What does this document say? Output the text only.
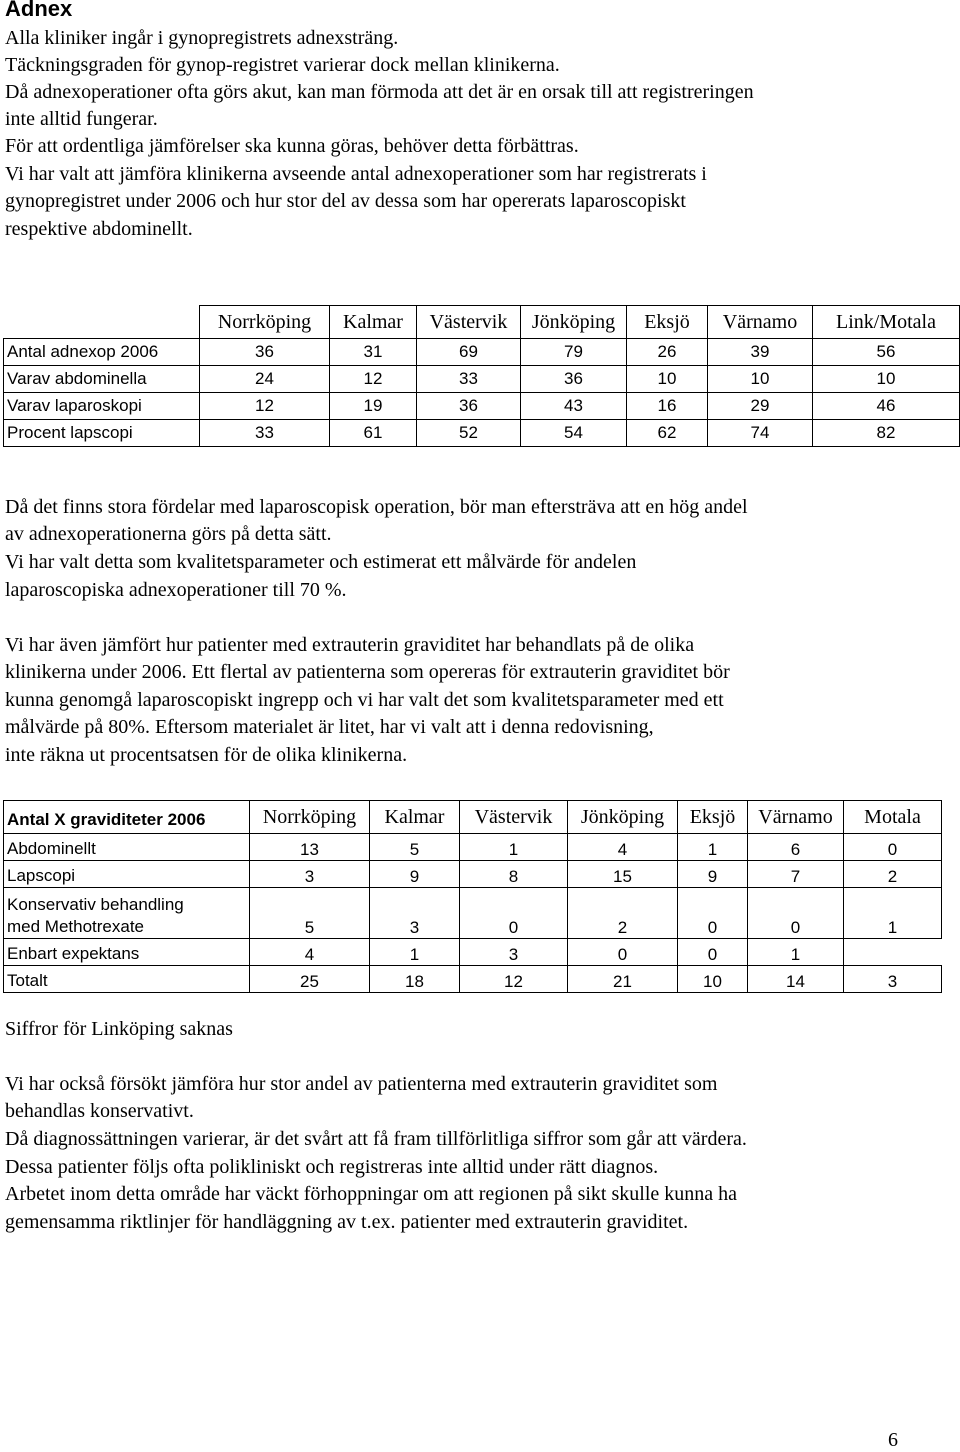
Adnex
Alla kliniker ingår i gynopregistrets adnexsträng.
Täckningsgraden för gynop-registret varierar dock mellan klinikerna.
Då adnexoperationer ofta görs akut, kan man förmoda att det är en orsak till att registreringen
inte alltid fungerar.
För att ordentliga jämförelser ska kunna göras, behöver detta förbättras.
Vi har valt att jämföra klinikerna avseende antal adnexoperationer som har registrerats i
gynopregistret under 2006 och hur stor del av dessa som har opererats laparoscopiskt
respektive abdominellt.
	Norrköping	Kalmar	Västervik	Jönköping	Eksjö	Värnamo	Link/Motala
Antal adnexop 2006	36	31	69	79	26	39	56
Varav abdominella	24	12	33	36	10	10	10
Varav laparoskopi	12	19	36	43	16	29	46
Procent lapscopi	33	61	52	54	62	74	82
Då det finns stora fördelar med laparoscopisk operation, bör man eftersträva att en hög andel
av adnexoperationerna görs på detta sätt.
Vi har valt detta som kvalitetsparameter och estimerat ett målvärde för andelen
laparoscopiska adnexoperationer till 70 %.
Vi har även jämfört hur patienter med extrauterin graviditet har behandlats på de olika
klinikerna under 2006. Ett flertal av patienterna som opereras för extrauterin graviditet bör
kunna genomgå laparoscopiskt ingrepp och vi har valt det som kvalitetsparameter med ett
målvärde på 80%. Eftersom materialet är litet, har vi valt att i denna redovisning,
inte räkna ut procentsatsen för de olika klinikerna.
Antal X graviditeter 2006	Norrköping	Kalmar	Västervik	Jönköping	Eksjö	Värnamo	Motala
Abdominellt	13	5	1	4	1	6	0
Lapscopi	3	9	8	15	9	7	2

Konservativ behandling
med Methotrexate	5	3	0	2	0	0	1
Enbart expektans	4	1	3	0	0	1	
Totalt	25	18	12	21	10	14	3
Siffror för Linköping saknas
Vi har också försökt jämföra hur stor andel av patienterna med extrauterin graviditet som
behandlas konservativt.
Då diagnossättningen varierar, är det svårt att få fram tillförlitliga siffror som går att värdera.
Dessa patienter följs ofta polikliniskt och registreras inte alltid under rätt diagnos.
Arbetet inom detta område har väckt förhoppningar om att regionen på sikt skulle kunna ha
gemensamma riktlinjer för handläggning av t.ex. patienter med extrauterin graviditet.
6
